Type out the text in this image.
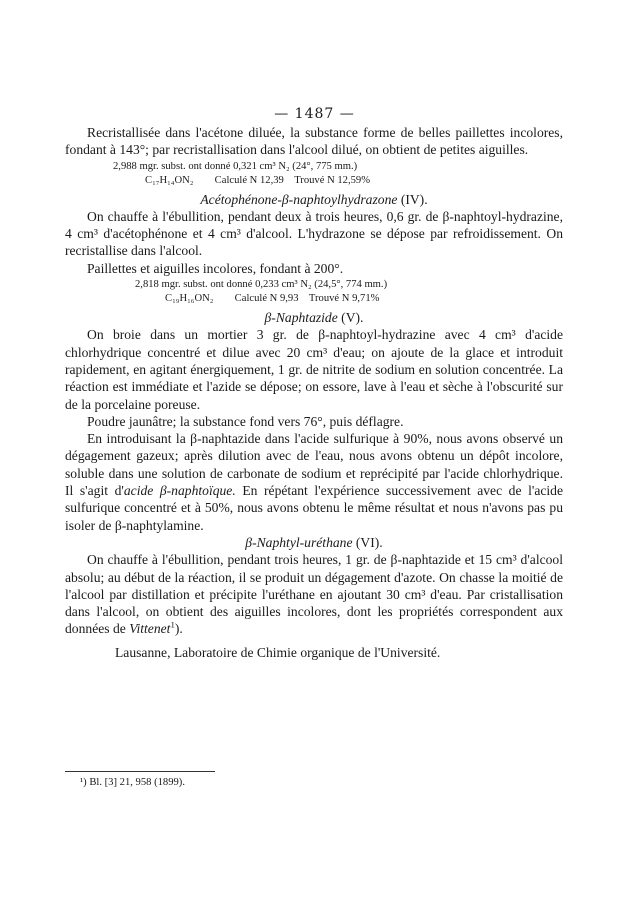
— 1487 —

Recristallisée dans l'acétone diluée, la substance forme de belles paillettes incolores, fondant à 143°; par recristallisation dans l'alcool dilué, on obtient de petites aiguilles.

2,988 mgr. subst. ont donné 0,321 cm³ N₂ (24°, 775 mm.)
C₁₇H₁₄ON₂        Calculé N 12,39    Trouvé N 12,59%

Acétophénone-β-naphtoylhydrazone (IV).

On chauffe à l'ébullition, pendant deux à trois heures, 0,6 gr. de β-naphtoyl-hydrazine, 4 cm³ d'acétophénone et 4 cm³ d'alcool. L'hydrazone se dépose par refroidissement. On recristallise dans l'alcool.

Paillettes et aiguilles incolores, fondant à 200°.

2,818 mgr. subst. ont donné 0,233 cm³ N₂ (24,5°, 774 mm.)
C₁₉H₁₆ON₂        Calculé N 9,93    Trouvé N 9,71%

β-Naphtazide (V).

On broie dans un mortier 3 gr. de β-naphtoyl-hydrazine avec 4 cm³ d'acide chlorhydrique concentré et dilue avec 20 cm³ d'eau; on ajoute de la glace et introduit rapidement, en agitant énergiquement, 1 gr. de nitrite de sodium en solution concentrée. La réaction est immédiate et l'azide se dépose; on essore, lave à l'eau et sèche à l'obscurité sur de la porcelaine poreuse.

Poudre jaunâtre; la substance fond vers 76°, puis déflagre.

En introduisant la β-naphtazide dans l'acide sulfurique à 90%, nous avons observé un dégagement gazeux; après dilution avec de l'eau, nous avons obtenu un dépôt incolore, soluble dans une solution de carbonate de sodium et reprécipité par l'acide chlorhydrique. Il s'agit d'acide β-naphtoïque. En répétant l'expérience successivement avec de l'acide sulfurique concentré et à 50%, nous avons obtenu le même résultat et nous n'avons pas pu isoler de β-naphtylamine.

β-Naphtyl-uréthane (VI).

On chauffe à l'ébullition, pendant trois heures, 1 gr. de β-naphtazide et 15 cm³ d'alcool absolu; au début de la réaction, il se produit un dégagement d'azote. On chasse la moitié de l'alcool par distillation et précipite l'uréthane en ajoutant 30 cm³ d'eau. Par cristallisation dans l'alcool, on obtient des aiguilles incolores, dont les propriétés correspondent aux données de Vittenet$^1$).

Lausanne, Laboratoire de Chimie organique de l'Université.

¹) Bl. [3] 21, 958 (1899).
